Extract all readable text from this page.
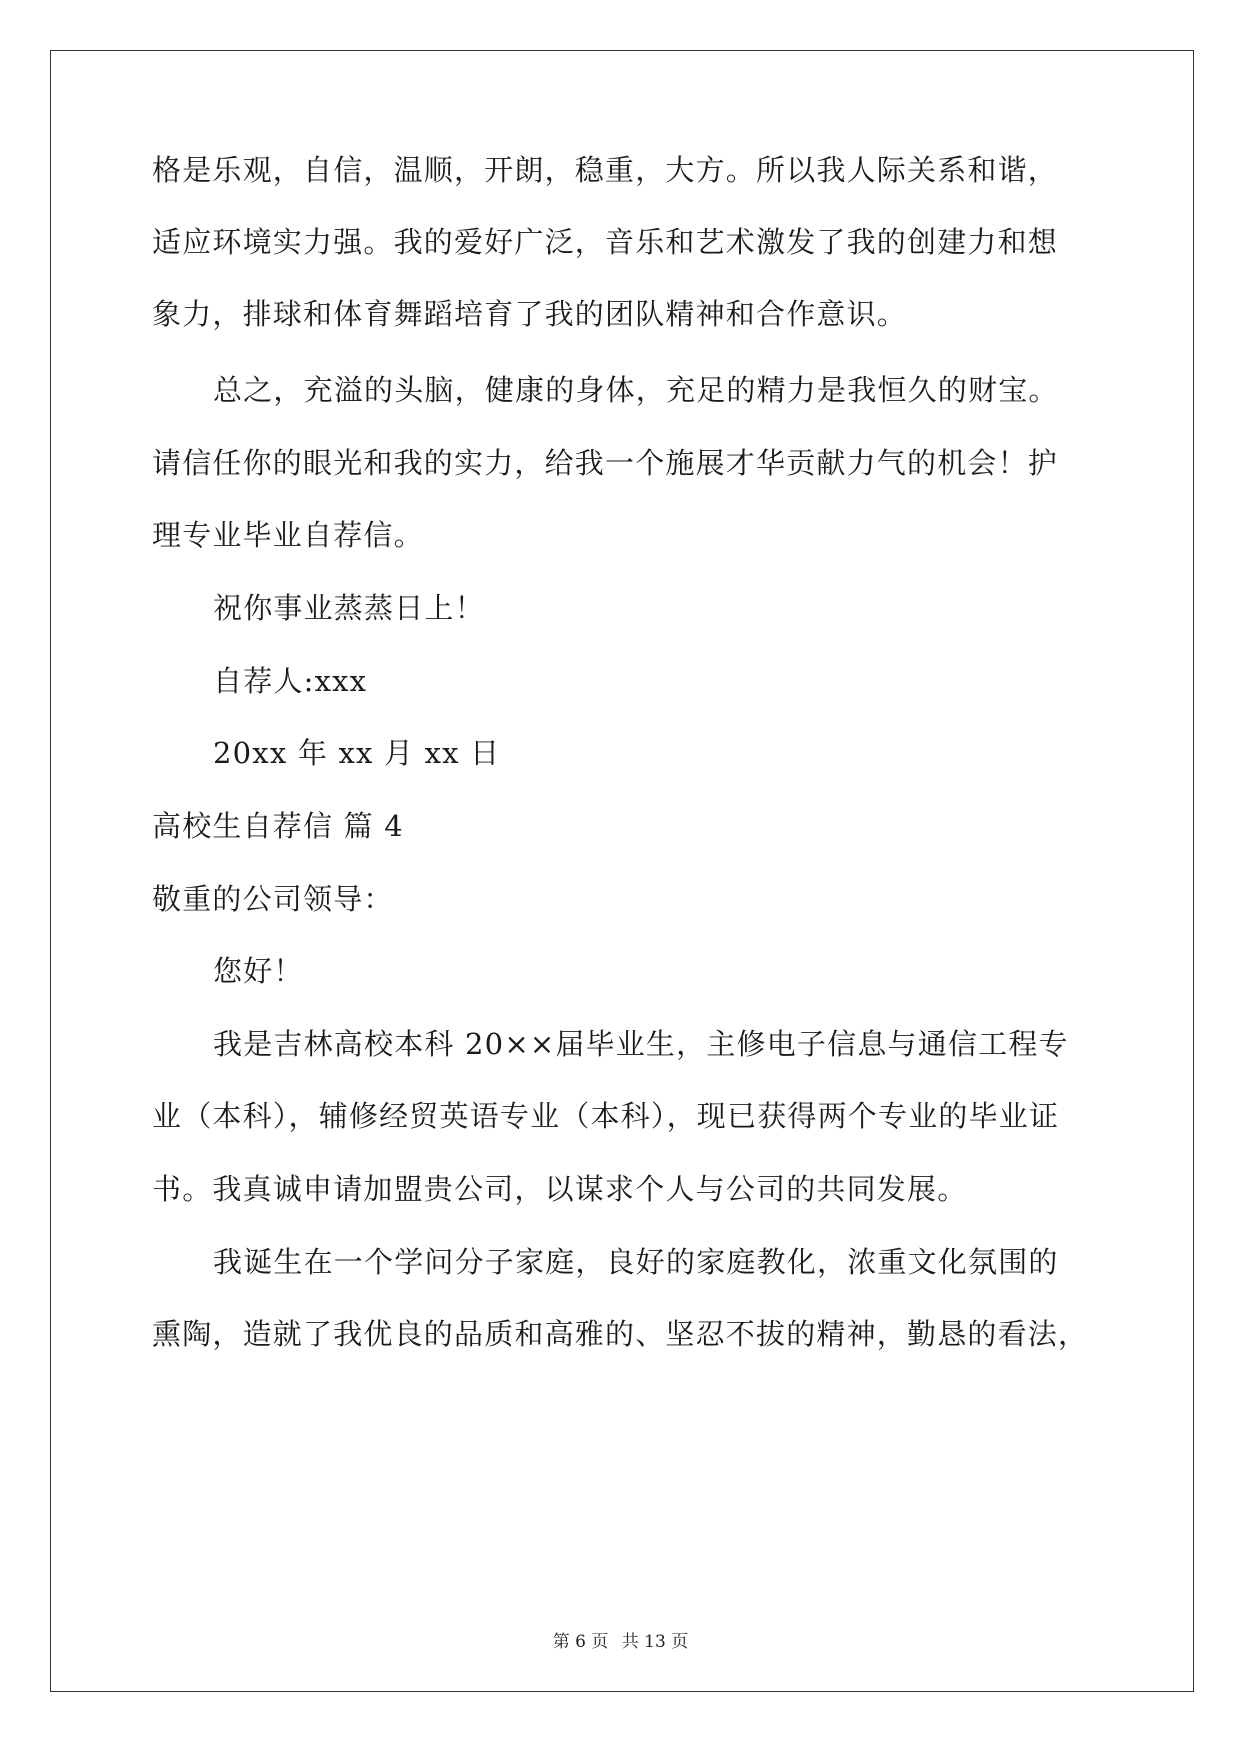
格是乐观，自信，温顺，开朗，稳重，大方。所以我人际关系和谐，
适应环境实力强。我的爱好广泛，音乐和艺术激发了我的创建力和想
象力，排球和体育舞蹈培育了我的团队精神和合作意识。
总之，充溢的头脑，健康的身体，充足的精力是我恒久的财宝。
请信任你的眼光和我的实力，给我一个施展才华贡献力气的机会！护
理专业毕业自荐信。
祝你事业蒸蒸日上！
自荐人:xxx
20xx 年 xx 月 xx 日
高校生自荐信 篇 4
敬重的公司领导：
您好！
我是吉林高校本科 20××届毕业生，主修电子信息与通信工程专
业（本科），辅修经贸英语专业（本科），现已获得两个专业的毕业证
书。我真诚申请加盟贵公司，以谋求个人与公司的共同发展。
我诞生在一个学问分子家庭，良好的家庭教化，浓重文化氛围的
熏陶，造就了我优良的品质和高雅的、坚忍不拔的精神，勤恳的看法，
第 6 页 共 13 页
